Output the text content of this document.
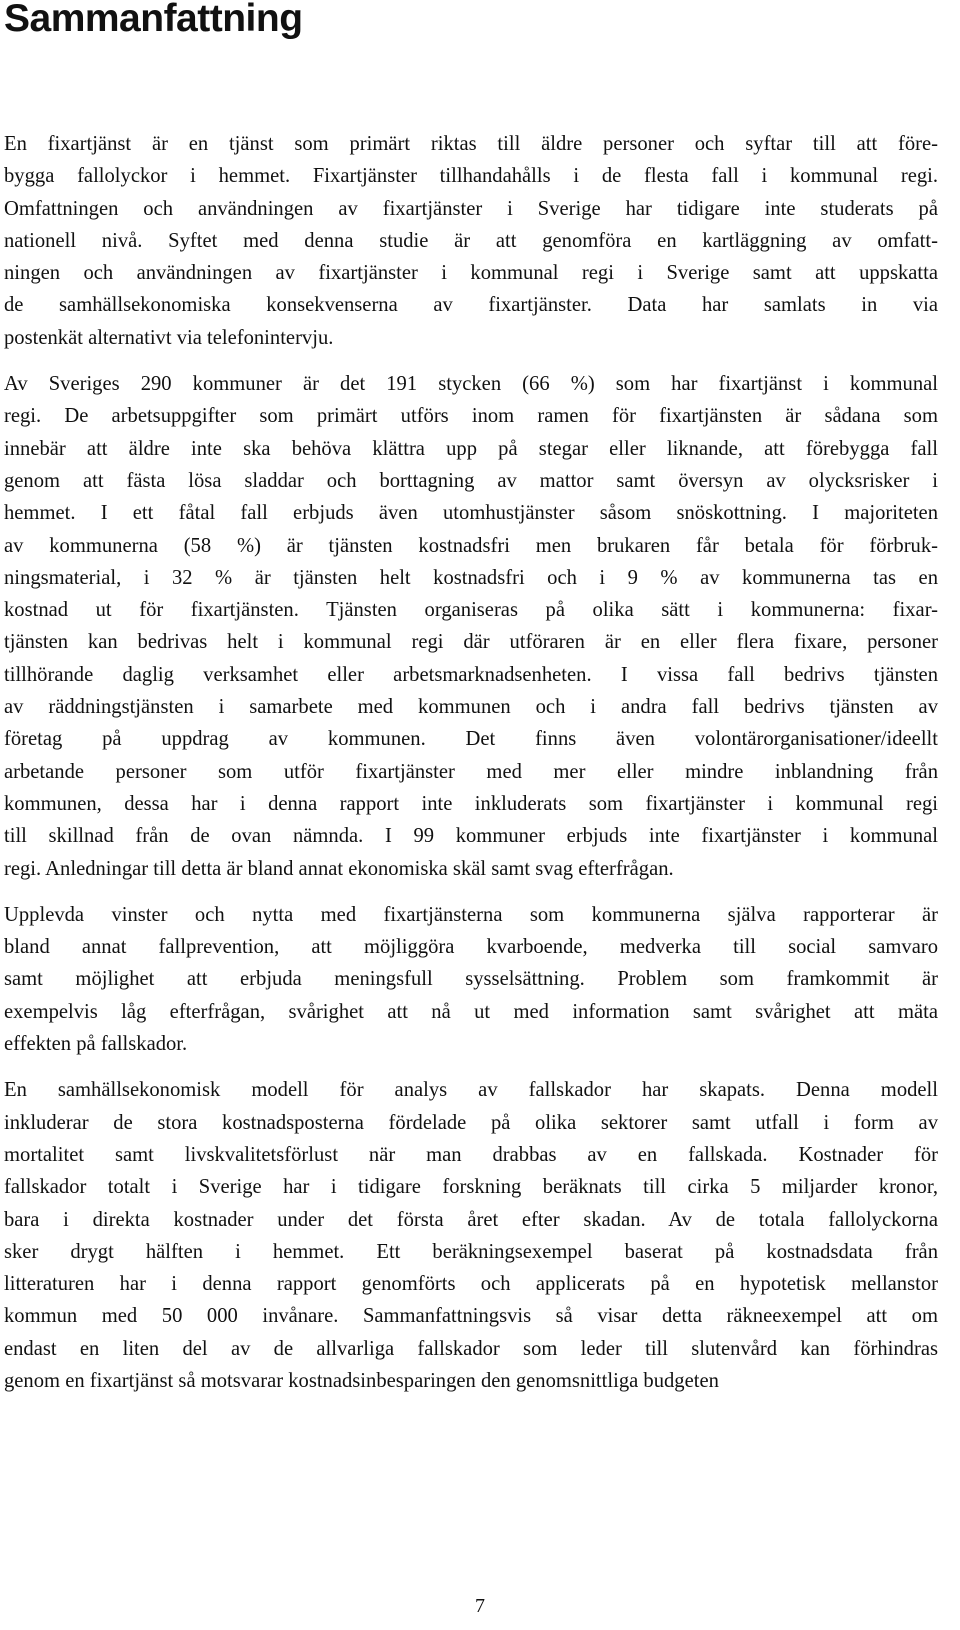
Sammanfattning

En fixartjänst är en tjänst som primärt riktas till äldre personer och syftar till att före-
bygga fallolyckor i hemmet. Fixartjänster tillhandahålls i de flesta fall i kommunal regi.
Omfattningen och användningen av fixartjänster i Sverige har tidigare inte studerats på
nationell nivå. Syftet med denna studie är att genomföra en kartläggning av omfatt-
ningen och användningen av fixartjänster i kommunal regi i Sverige samt att uppskatta
de samhällsekonomiska konsekvenserna av fixartjänster. Data har samlats in via
postenkät alternativt via telefonintervju.

Av Sveriges 290 kommuner är det 191 stycken (66 %) som har fixartjänst i kommunal
regi. De arbetsuppgifter som primärt utförs inom ramen för fixartjänsten är sådana som
innebär att äldre inte ska behöva klättra upp på stegar eller liknande, att förebygga fall
genom att fästa lösa sladdar och borttagning av mattor samt översyn av olycksrisker i
hemmet. I ett fåtal fall erbjuds även utomhustjänster såsom snöskottning. I majoriteten
av kommunerna (58 %) är tjänsten kostnadsfri men brukaren får betala för förbruk-
ningsmaterial, i 32 % är tjänsten helt kostnadsfri och i 9 % av kommunerna tas en
kostnad ut för fixartjänsten. Tjänsten organiseras på olika sätt i kommunerna: fixar-
tjänsten kan bedrivas helt i kommunal regi där utföraren är en eller flera fixare, personer
tillhörande daglig verksamhet eller arbetsmarknadsenheten. I vissa fall bedrivs tjänsten
av räddningstjänsten i samarbete med kommunen och i andra fall bedrivs tjänsten av
företag på uppdrag av kommunen. Det finns även volontärorganisationer/ideellt
arbetande personer som utför fixartjänster med mer eller mindre inblandning från
kommunen, dessa har i denna rapport inte inkluderats som fixartjänster i kommunal regi
till skillnad från de ovan nämnda. I 99 kommuner erbjuds inte fixartjänster i kommunal
regi. Anledningar till detta är bland annat ekonomiska skäl samt svag efterfrågan.

Upplevda vinster och nytta med fixartjänsterna som kommunerna själva rapporterar är
bland annat fallprevention, att möjliggöra kvarboende, medverka till social samvaro
samt möjlighet att erbjuda meningsfull sysselsättning. Problem som framkommit är
exempelvis låg efterfrågan, svårighet att nå ut med information samt svårighet att mäta
effekten på fallskador.

En samhällsekonomisk modell för analys av fallskador har skapats. Denna modell
inkluderar de stora kostnadsposterna fördelade på olika sektorer samt utfall i form av
mortalitet samt livskvalitetsförlust när man drabbas av en fallskada. Kostnader för
fallskador totalt i Sverige har i tidigare forskning beräknats till cirka 5 miljarder kronor,
bara i direkta kostnader under det första året efter skadan. Av de totala fallolyckorna
sker drygt hälften i hemmet. Ett beräkningsexempel baserat på kostnadsdata från
litteraturen har i denna rapport genomförts och applicerats på en hypotetisk mellanstor
kommun med 50 000 invånare. Sammanfattningsvis så visar detta räkneexempel att om
endast en liten del av de allvarliga fallskador som leder till slutenvård kan förhindras
genom en fixartjänst så motsvarar kostnadsinbesparingen den genomsnittliga budgeten

7
